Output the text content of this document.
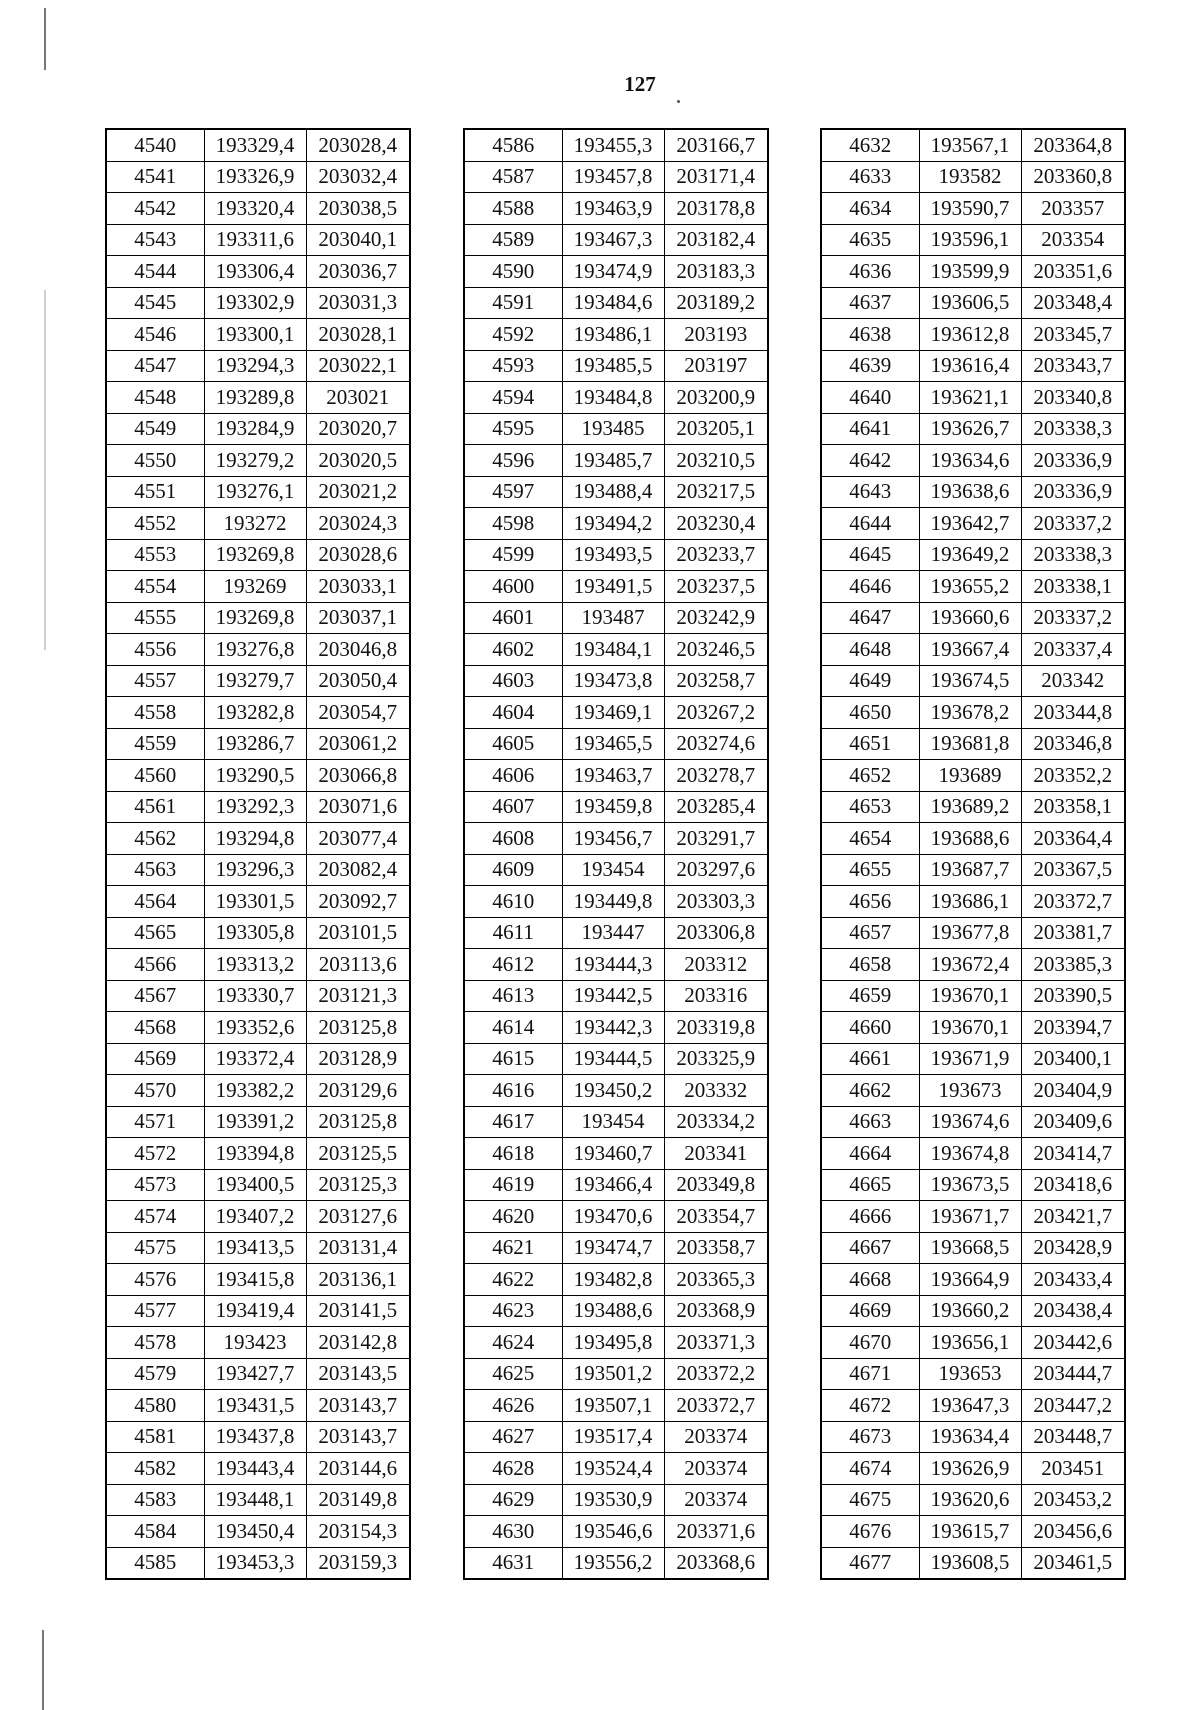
127
4540	193329,4	203028,4
4541	193326,9	203032,4
4542	193320,4	203038,5
4543	193311,6	203040,1
4544	193306,4	203036,7
4545	193302,9	203031,3
4546	193300,1	203028,1
4547	193294,3	203022,1
4548	193289,8	203021
4549	193284,9	203020,7
4550	193279,2	203020,5
4551	193276,1	203021,2
4552	193272	203024,3
4553	193269,8	203028,6
4554	193269	203033,1
4555	193269,8	203037,1
4556	193276,8	203046,8
4557	193279,7	203050,4
4558	193282,8	203054,7
4559	193286,7	203061,2
4560	193290,5	203066,8
4561	193292,3	203071,6
4562	193294,8	203077,4
4563	193296,3	203082,4
4564	193301,5	203092,7
4565	193305,8	203101,5
4566	193313,2	203113,6
4567	193330,7	203121,3
4568	193352,6	203125,8
4569	193372,4	203128,9
4570	193382,2	203129,6
4571	193391,2	203125,8
4572	193394,8	203125,5
4573	193400,5	203125,3
4574	193407,2	203127,6
4575	193413,5	203131,4
4576	193415,8	203136,1
4577	193419,4	203141,5
4578	193423	203142,8
4579	193427,7	203143,5
4580	193431,5	203143,7
4581	193437,8	203143,7
4582	193443,4	203144,6
4583	193448,1	203149,8
4584	193450,4	203154,3
4585	193453,3	203159,3
4586	193455,3	203166,7
4587	193457,8	203171,4
4588	193463,9	203178,8
4589	193467,3	203182,4
4590	193474,9	203183,3
4591	193484,6	203189,2
4592	193486,1	203193
4593	193485,5	203197
4594	193484,8	203200,9
4595	193485	203205,1
4596	193485,7	203210,5
4597	193488,4	203217,5
4598	193494,2	203230,4
4599	193493,5	203233,7
4600	193491,5	203237,5
4601	193487	203242,9
4602	193484,1	203246,5
4603	193473,8	203258,7
4604	193469,1	203267,2
4605	193465,5	203274,6
4606	193463,7	203278,7
4607	193459,8	203285,4
4608	193456,7	203291,7
4609	193454	203297,6
4610	193449,8	203303,3
4611	193447	203306,8
4612	193444,3	203312
4613	193442,5	203316
4614	193442,3	203319,8
4615	193444,5	203325,9
4616	193450,2	203332
4617	193454	203334,2
4618	193460,7	203341
4619	193466,4	203349,8
4620	193470,6	203354,7
4621	193474,7	203358,7
4622	193482,8	203365,3
4623	193488,6	203368,9
4624	193495,8	203371,3
4625	193501,2	203372,2
4626	193507,1	203372,7
4627	193517,4	203374
4628	193524,4	203374
4629	193530,9	203374
4630	193546,6	203371,6
4631	193556,2	203368,6
4632	193567,1	203364,8
4633	193582	203360,8
4634	193590,7	203357
4635	193596,1	203354
4636	193599,9	203351,6
4637	193606,5	203348,4
4638	193612,8	203345,7
4639	193616,4	203343,7
4640	193621,1	203340,8
4641	193626,7	203338,3
4642	193634,6	203336,9
4643	193638,6	203336,9
4644	193642,7	203337,2
4645	193649,2	203338,3
4646	193655,2	203338,1
4647	193660,6	203337,2
4648	193667,4	203337,4
4649	193674,5	203342
4650	193678,2	203344,8
4651	193681,8	203346,8
4652	193689	203352,2
4653	193689,2	203358,1
4654	193688,6	203364,4
4655	193687,7	203367,5
4656	193686,1	203372,7
4657	193677,8	203381,7
4658	193672,4	203385,3
4659	193670,1	203390,5
4660	193670,1	203394,7
4661	193671,9	203400,1
4662	193673	203404,9
4663	193674,6	203409,6
4664	193674,8	203414,7
4665	193673,5	203418,6
4666	193671,7	203421,7
4667	193668,5	203428,9
4668	193664,9	203433,4
4669	193660,2	203438,4
4670	193656,1	203442,6
4671	193653	203444,7
4672	193647,3	203447,2
4673	193634,4	203448,7
4674	193626,9	203451
4675	193620,6	203453,2
4676	193615,7	203456,6
4677	193608,5	203461,5
